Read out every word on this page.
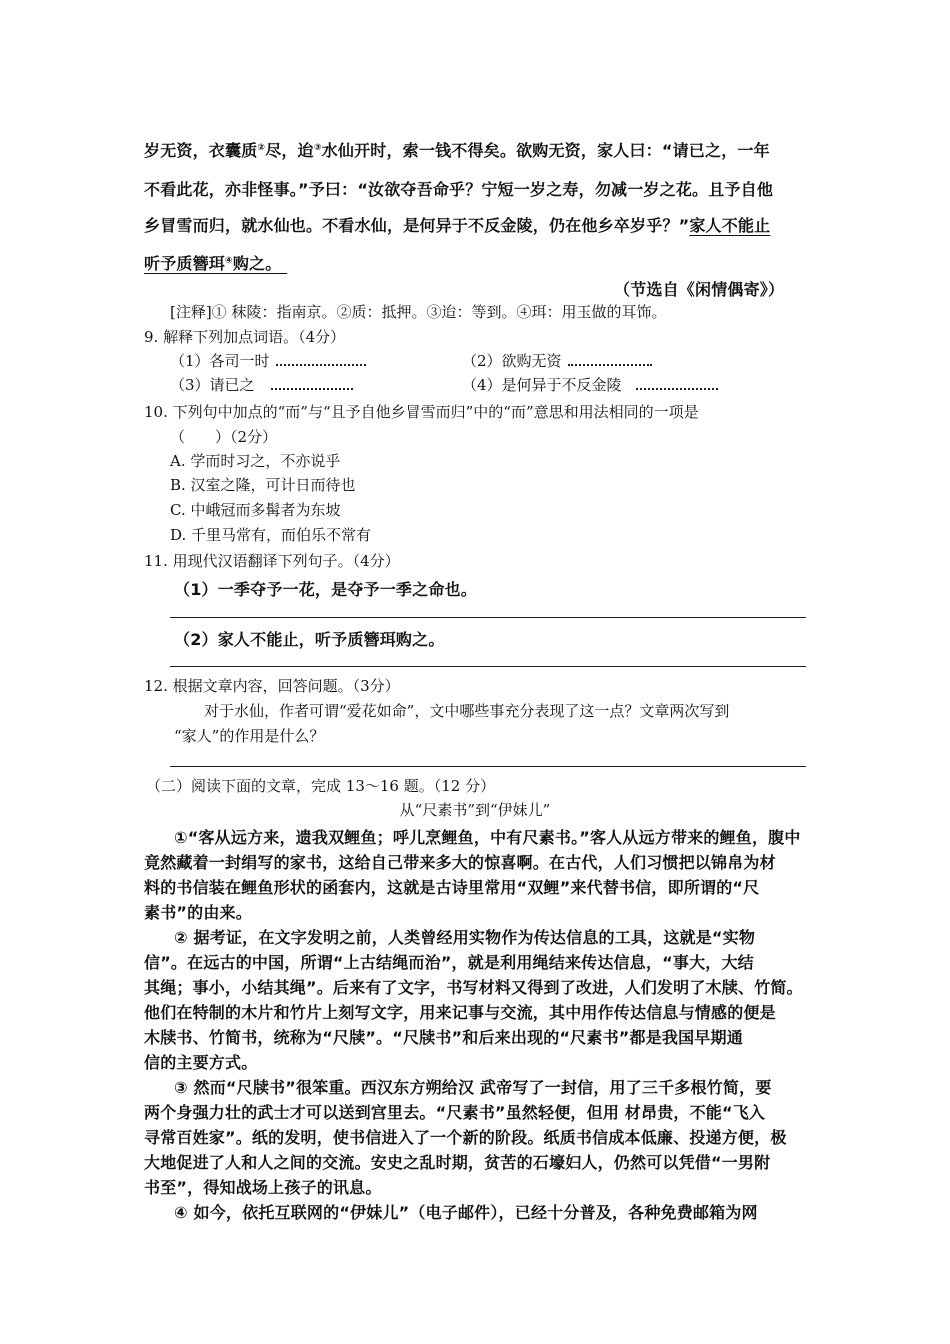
岁无资，衣囊质②尽，迨③水仙开时，索一钱不得矣。欲购无资，家人曰：“请已之，一年
不看此花，亦非怪事。”予曰：“汝欲夺吾命乎？宁短一岁之寿，勿减一岁之花。且予自他
乡冒雪而归，就水仙也。不看水仙，是何异于不反金陵，仍在他乡卒岁乎？”家人不能止
听予质簪珥④购之。
（节选自《闲情偶寄》）
[注释]① 秣陵：指南京。②质：抵押。③迨：等到。④珥：用玉做的耳饰。
9. 解释下列加点词语。（4分）
（1）各司一时	（2）欲购无资
（3）请已之	（4）是何异于不反金陵
10. 下列句中加点的“而”与“且予自他乡冒雪而归”中的“而”意思和用法相同的一项是
（　　）（2分）
A. 学而时习之，不亦说乎
B. 汉室之隆，可计日而待也
C. 中峨冠而多髯者为东坡
D. 千里马常有，而伯乐不常有
11. 用现代汉语翻译下列句子。（4分）
（1）一季夺予一花，是夺予一季之命也。
（2）家人不能止，听予质簪珥购之。
12. 根据文章内容，回答问题。（3分）
对于水仙，作者可谓“爱花如命”，文中哪些事充分表现了这一点？文章两次写到
“家人”的作用是什么？
（二）阅读下面的文章，完成 13～16 题。（12 分）
从“尺素书”到“伊妹儿”
①“客从远方来，遗我双鲤鱼；呼儿烹鲤鱼，中有尺素书。”客人从远方带来的鲤鱼，腹中
竟然藏着一封绢写的家书，这给自己带来多大的惊喜啊。在古代，人们习惯把以锦帛为材
料的书信装在鲤鱼形状的函套内，这就是古诗里常用“双鲤”来代替书信，即所谓的“尺
素书”的由来。
② 据考证，在文字发明之前，人类曾经用实物作为传达信息的工具，这就是“实物
信”。在远古的中国，所谓“上古结绳而治”，就是利用绳结来传达信息，“事大，大结
其绳；事小，小结其绳”。后来有了文字，书写材料又得到了改进，人们发明了木牍、竹简。
他们在特制的木片和竹片上刻写文字，用来记事与交流，其中用作传达信息与情感的便是
木牍书、竹简书，统称为“尺牍”。“尺牍书”和后来出现的“尺素书”都是我国早期通
信的主要方式。
③ 然而“尺牍书”很笨重。西汉东方朔给汉 武帝写了一封信，用了三千多根竹简，要
两个身强力壮的武士才可以送到宫里去。“尺素书”虽然轻便，但用 材昂贵，不能“飞入
寻常百姓家”。纸的发明，使书信进入了一个新的阶段。纸质书信成本低廉、投递方便，极
大地促进了人和人之间的交流。安史之乱时期，贫苦的石壕妇人，仍然可以凭借“一男附
书至”，得知战场上孩子的讯息。
④ 如今，依托互联网的“伊妹儿”（电子邮件），已经十分普及，各种免费邮箱为网
